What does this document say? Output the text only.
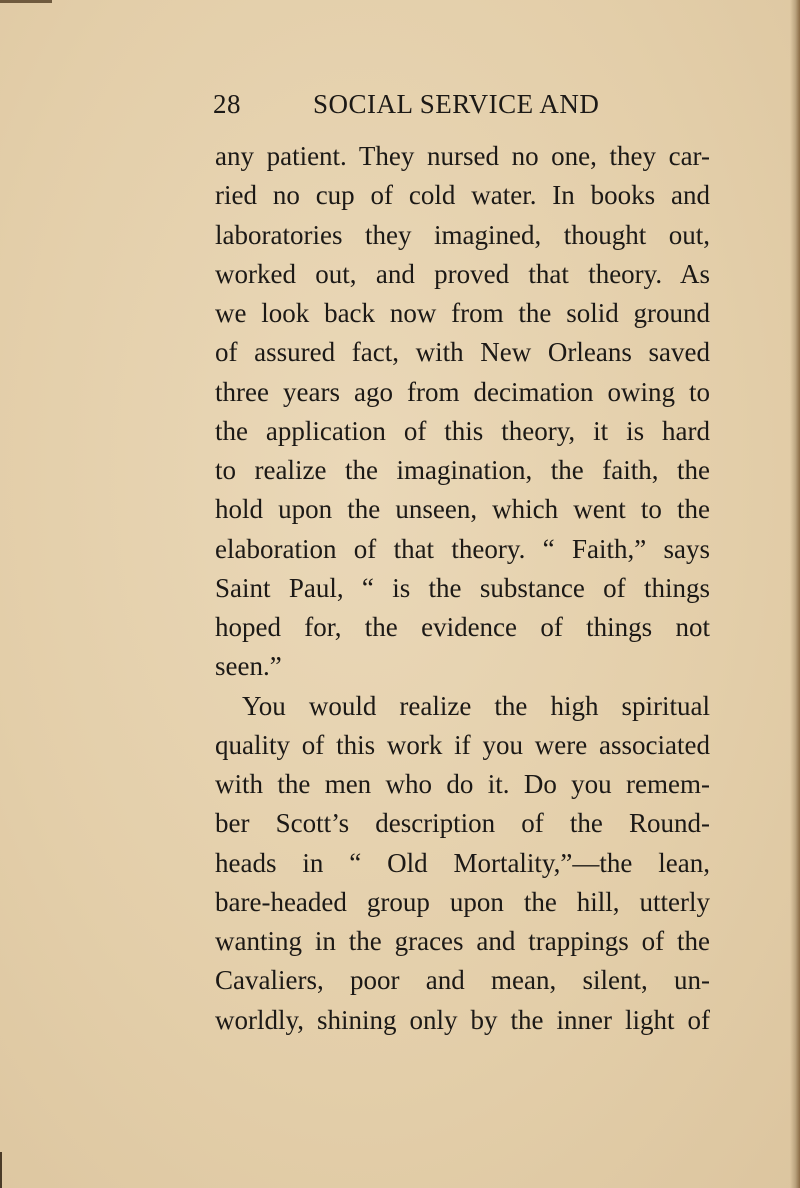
28	SOCIAL SERVICE AND
any patient. They nursed no one, they car-
ried no cup of cold water. In books and
laboratories they imagined, thought out,
worked out, and proved that theory. As
we look back now from the solid ground
of assured fact, with New Orleans saved
three years ago from decimation owing to
the application of this theory, it is hard
to realize the imagination, the faith, the
hold upon the unseen, which went to the
elaboration of that theory. “ Faith,” says
Saint Paul, “ is the substance of things
hoped for, the evidence of things not
seen.”
You would realize the high spiritual
quality of this work if you were associated
with the men who do it. Do you remem-
ber Scott’s description of the Round-
heads in “ Old Mortality,”—the lean,
bare-headed group upon the hill, utterly
wanting in the graces and trappings of the
Cavaliers, poor and mean, silent, un-
worldly, shining only by the inner light of
